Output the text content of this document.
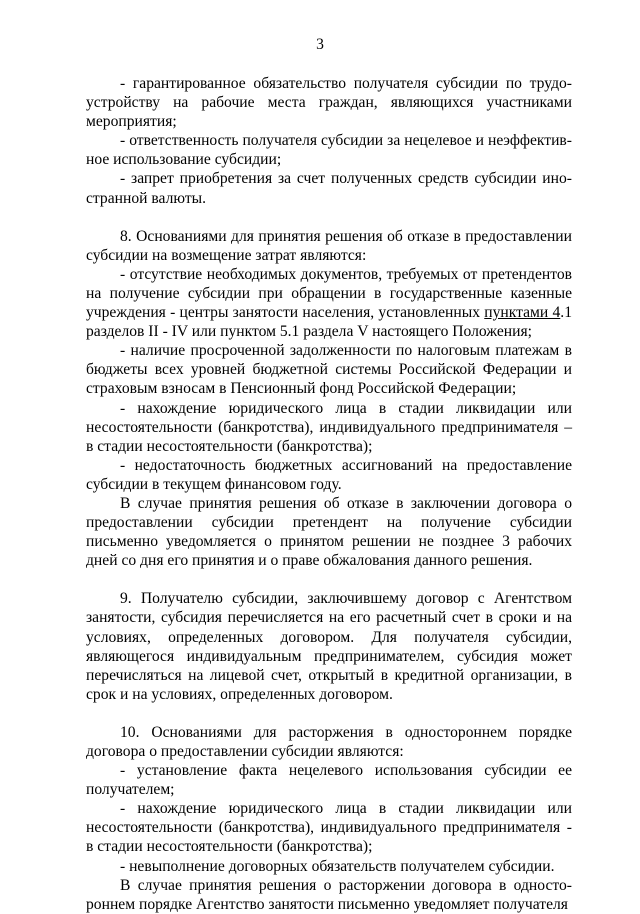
3

- гарантированное обязательство получателя субсидии по трудоустройству на рабочие места граждан, являющихся участниками мероприятия;

- ответственность получателя субсидии за нецелевое и неэффективное использование субсидии;

- запрет приобретения за счет полученных средств субсидии иностранной валюты.

8. Основаниями для принятия решения об отказе в предоставлении субсидии на возмещение затрат являются:

- отсутствие необходимых документов, требуемых от претендентов на получение субсидии при обращении в государственные казенные учреждения - центры занятости населения, установленных пунктами 4.1 разделов II - IV или пунктом 5.1 раздела V настоящего Положения;

- наличие просроченной задолженности по налоговым платежам в бюджеты всех уровней бюджетной системы Российской Федерации и страховым взносам в Пенсионный фонд Российской Федерации;

- нахождение юридического лица в стадии ликвидации или несостоятельности (банкротства), индивидуального предпринимателя – в стадии несостоятельности (банкротства);

- недостаточность бюджетных ассигнований на предоставление субсидии в текущем финансовом году.

В случае принятия решения об отказе в заключении договора о предоставлении субсидии претендент на получение субсидии письменно уведомляется о принятом решении не позднее 3 рабочих дней со дня его принятия и о праве обжалования данного решения.

9. Получателю субсидии, заключившему договор с Агентством занятости, субсидия перечисляется на его расчетный счет в сроки и на условиях, определенных договором. Для получателя субсидии, являющегося индивидуальным предпринимателем, субсидия может перечисляться на лицевой счет, открытый в кредитной организации, в срок и на условиях, определенных договором.

10. Основаниями для расторжения в одностороннем порядке договора о предоставлении субсидии являются:

- установление факта нецелевого использования субсидии ее получателем;

- нахождение юридического лица в стадии ликвидации или несостоятельности (банкротства), индивидуального предпринимателя - в стадии несостоятельности (банкротства);

- невыполнение договорных обязательств получателем субсидии.

В случае принятия решения о расторжении договора в одностороннем порядке Агентство занятости письменно уведомляет получателя
